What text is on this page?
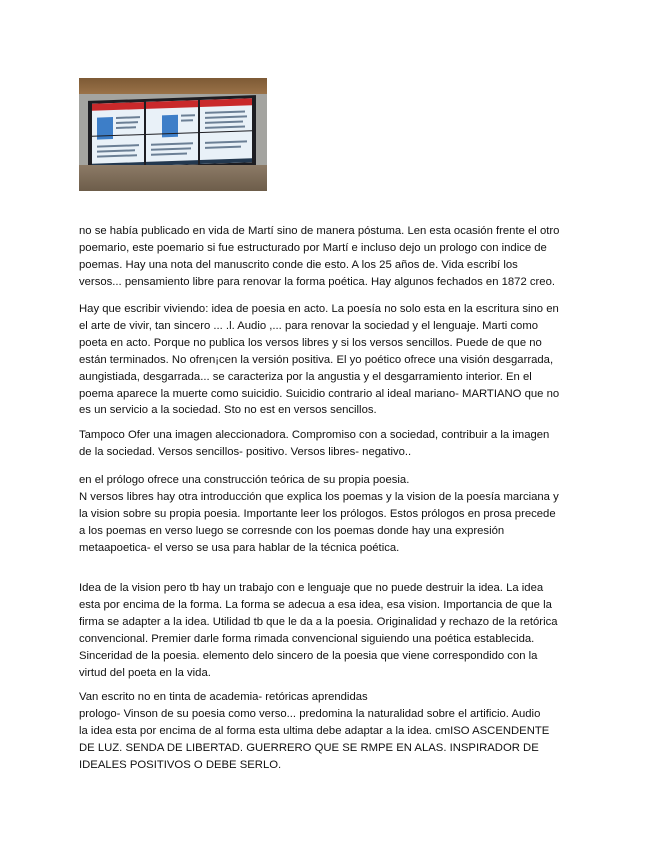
no se había publicado en vida de Martí sino de manera póstuma. Len esta ocasión frente el otro
poemario, este poemario si fue estructurado por Martí e incluso dejo un prologo con indice de
poemas. Hay una nota del manuscrito conde die esto. A los 25 años de. Vida escribí los
versos... pensamiento libre para renovar la forma poética. Hay algunos fechados en 1872 creo.

Hay que escribir viviendo: idea de poesia en acto. La poesía no solo esta en la escritura sino en
el arte de vivir, tan sincero ... .l. Audio ,... para renovar la sociedad y el lenguaje. Marti como
poeta en acto. Porque no publica los versos libres y si los versos sencillos. Puede de que no
están terminados. No ofren¡cen la versión positiva. El yo poético ofrece una visión desgarrada,
aungistiada, desgarrada... se caracteriza por la angustia y el desgarramiento interior. En el
poema aparece la muerte como suicidio. Suicidio contrario al ideal mariano- MARTIANO que no
es un servicio a la sociedad. Sto no est en versos sencillos.

Tampoco Ofer una imagen aleccionadora. Compromiso con a sociedad, contribuir a la imagen
de la sociedad. Versos sencillos- positivo. Versos libres- negativo..

en el prólogo ofrece una construcción teórica de su propia poesia.
N versos libres hay otra introducción que explica los poemas y la vision de la poesía marciana y
la vision sobre su propia poesia. Importante leer los prólogos. Estos prólogos en prosa precede
a los poemas en verso luego se corresnde con los poemas donde hay una expresión
metaapoetica- el verso se usa para hablar de la técnica poética.

Idea de la vision pero tb hay un trabajo con e lenguaje que no puede destruir la idea. La idea
esta por encima de la forma. La forma se adecua a esa idea, esa vision. Importancia de que la
firma se adapter a la idea. Utilidad tb que le da a la poesia. Originalidad y rechazo de la retórica
convencional. Premier darle forma rimada convencional siguiendo una poética establecida.
Sinceridad de la poesia. elemento delo sincero de la poesia que viene correspondido con la
virtud del poeta en la vida.

Van escrito no en tinta de academia- retóricas aprendidas
prologo- Vinson de su poesia como verso... predomina la naturalidad sobre el artificio. Audio
la idea esta por encima de al forma esta ultima debe adaptar a la idea. cmISO ASCENDENTE
DE LUZ. SENDA DE LIBERTAD. GUERRERO QUE SE RMPE EN ALAS. INSPIRADOR DE
IDEALES POSITIVOS O DEBE SERLO.
